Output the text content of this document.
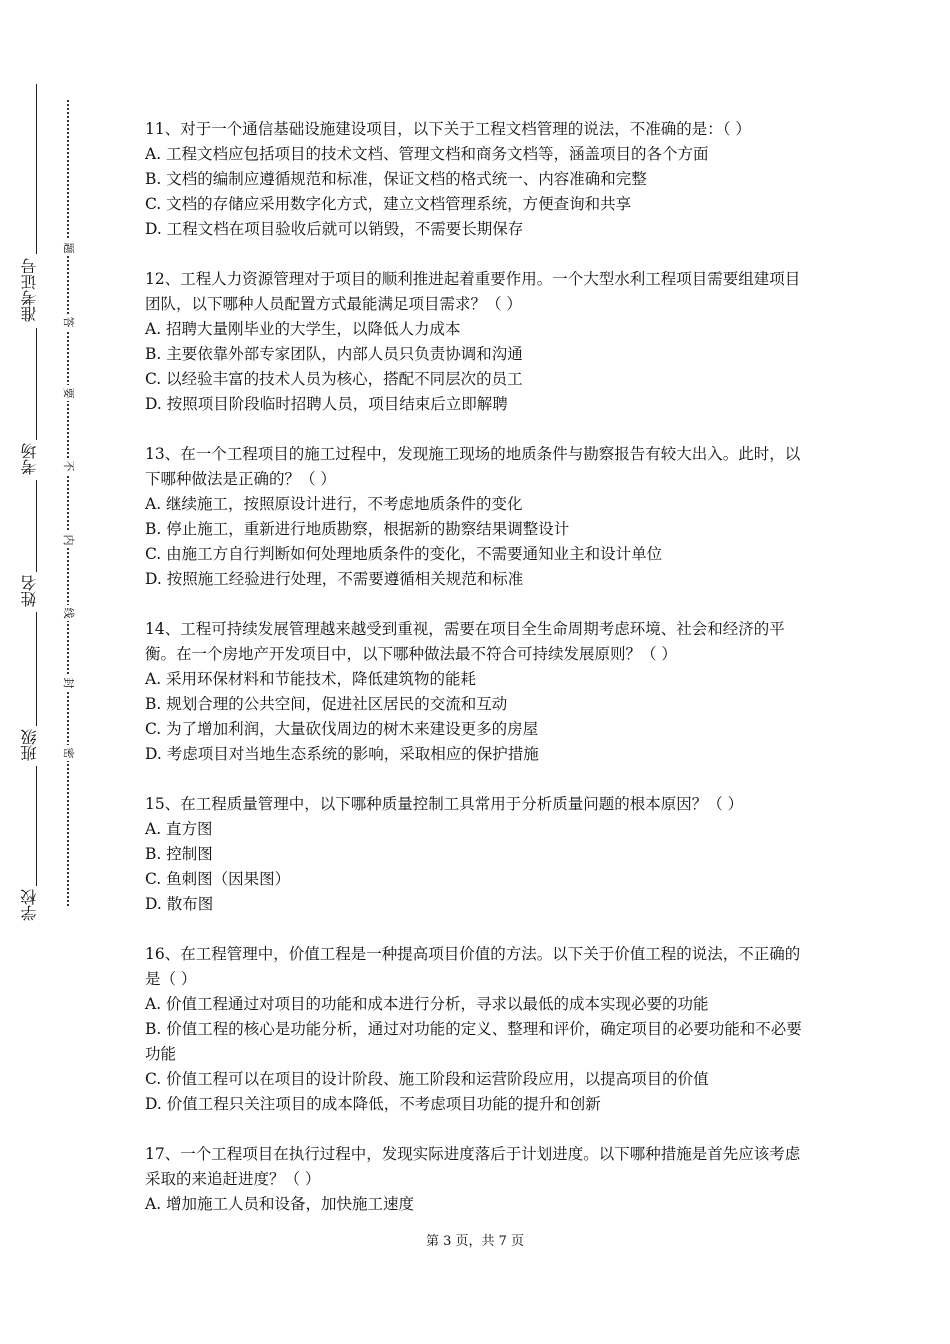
准考证号
考场
姓名
班级
学校
题
答
要
不
内
线
封
密

11、对于一个通信基础设施建设项目，以下关于工程文档管理的说法，不准确的是：（ ）

A. 工程文档应包括项目的技术文档、管理文档和商务文档等，涵盖项目的各个方面

B. 文档的编制应遵循规范和标准，保证文档的格式统一、内容准确和完整

C. 文档的存储应采用数字化方式，建立文档管理系统，方便查询和共享

D. 工程文档在项目验收后就可以销毁，不需要长期保存

12、工程人力资源管理对于项目的顺利推进起着重要作用。一个大型水利工程项目需要组建项目团队，以下哪种人员配置方式最能满足项目需求？（ ）

A. 招聘大量刚毕业的大学生，以降低人力成本

B. 主要依靠外部专家团队，内部人员只负责协调和沟通

C. 以经验丰富的技术人员为核心，搭配不同层次的员工

D. 按照项目阶段临时招聘人员，项目结束后立即解聘

13、在一个工程项目的施工过程中，发现施工现场的地质条件与勘察报告有较大出入。此时，以下哪种做法是正确的？（ ）

A. 继续施工，按照原设计进行，不考虑地质条件的变化

B. 停止施工，重新进行地质勘察，根据新的勘察结果调整设计

C. 由施工方自行判断如何处理地质条件的变化，不需要通知业主和设计单位

D. 按照施工经验进行处理，不需要遵循相关规范和标准

14、工程可持续发展管理越来越受到重视，需要在项目全生命周期考虑环境、社会和经济的平衡。在一个房地产开发项目中，以下哪种做法最不符合可持续发展原则？（ ）

A. 采用环保材料和节能技术，降低建筑物的能耗

B. 规划合理的公共空间，促进社区居民的交流和互动

C. 为了增加利润，大量砍伐周边的树木来建设更多的房屋

D. 考虑项目对当地生态系统的影响，采取相应的保护措施

15、在工程质量管理中，以下哪种质量控制工具常用于分析质量问题的根本原因？（ ）

A. 直方图

B. 控制图

C. 鱼刺图（因果图）

D. 散布图

16、在工程管理中，价值工程是一种提高项目价值的方法。以下关于价值工程的说法，不正确的是（ ）

A. 价值工程通过对项目的功能和成本进行分析，寻求以最低的成本实现必要的功能

B. 价值工程的核心是功能分析，通过对功能的定义、整理和评价，确定项目的必要功能和不必要功能

C. 价值工程可以在项目的设计阶段、施工阶段和运营阶段应用，以提高项目的价值

D. 价值工程只关注项目的成本降低，不考虑项目功能的提升和创新

17、一个工程项目在执行过程中，发现实际进度落后于计划进度。以下哪种措施是首先应该考虑采取的来追赶进度？（ ）

A. 增加施工人员和设备，加快施工速度

第 3 页，共 7 页
